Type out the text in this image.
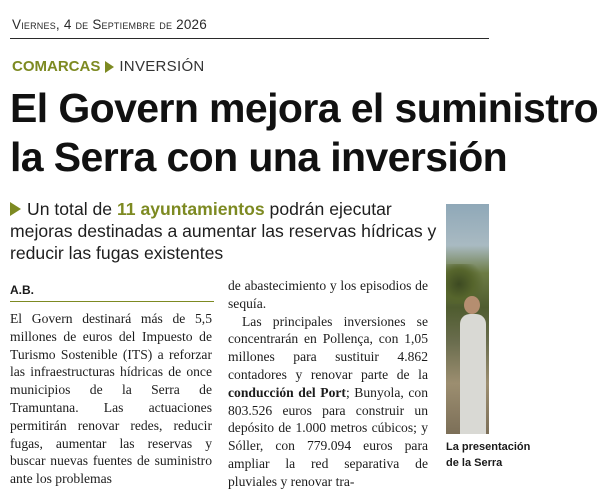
Viernes, 4 de Septiembre de 2026
COMARCAS INVERSIÓN
El Govern mejora el suministro
la Serra con una inversión
Un total de 11 ayuntamientos podrán ejecutar mejoras destinadas a aumentar las reservas hídricas y reducir las fugas existentes
La presentación
de la Serra
A.B.

El Govern destinará más de 5,5 millones de euros del Impuesto de Turismo Sostenible (ITS) a reforzar las infraestructuras hídricas de once municipios de la Serra de Tramuntana. Las actuaciones permitirán renovar redes, reducir fugas, aumentar las reservas y buscar nuevas fuentes de suministro ante los problemas

de abastecimiento y los episodios de sequía.

Las principales inversiones se concentrarán en Pollença, con 1,05 millones para sustituir 4.862 contadores y renovar parte de la conducción del Port; Bunyola, con 803.526 euros para construir un depósito de 1.000 metros cúbicos; y Sóller, con 779.094 euros para ampliar la red separativa de pluviales y renovar tra-
